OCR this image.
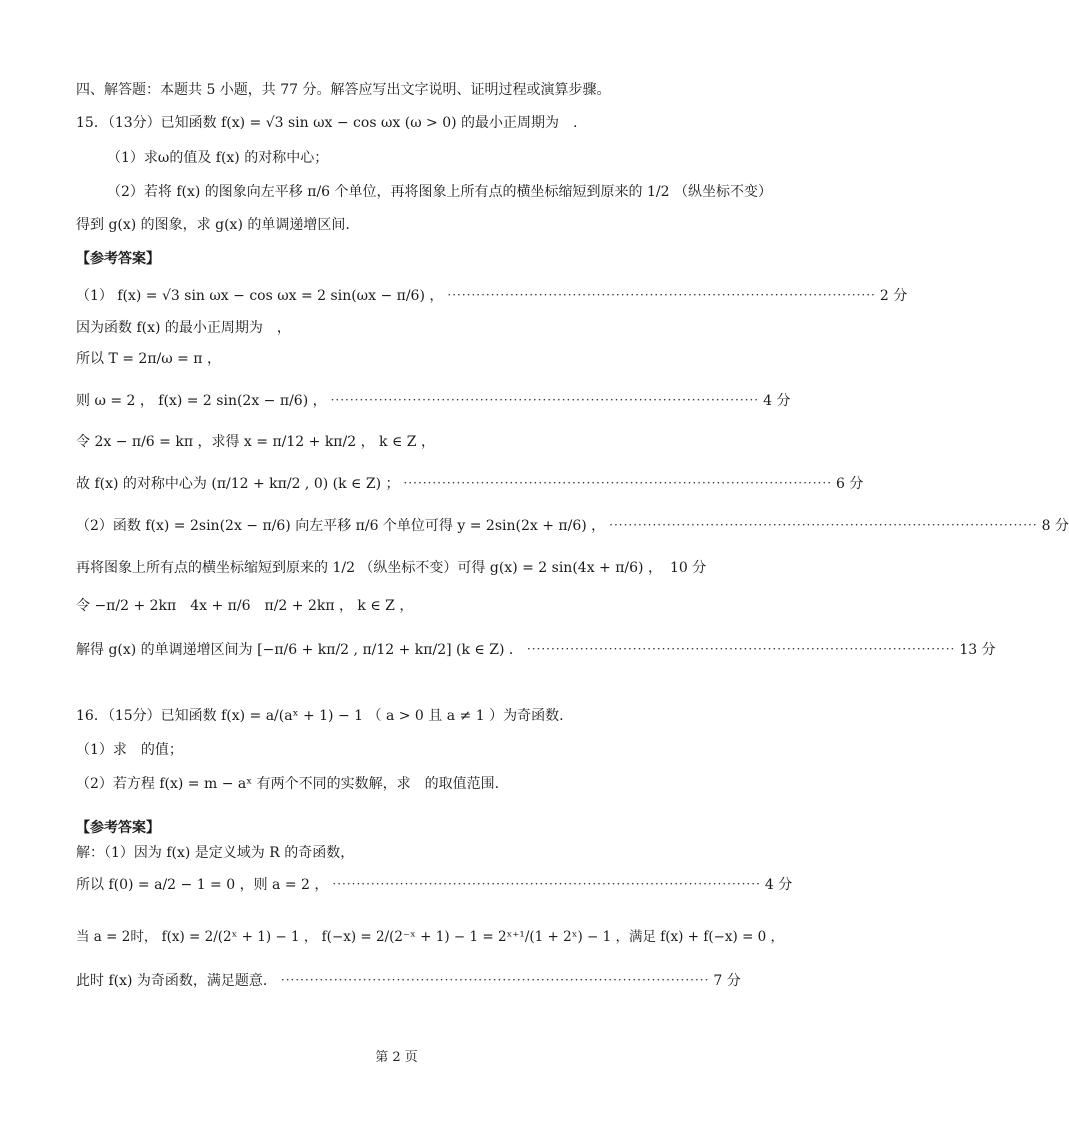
四、解答题：本题共 5 小题，共 77 分。解答应写出文字说明、证明过程或演算步骤。
15．（13分）已知函数 f(x) = √3 sin ωx − cos ωx (ω > 0) 的最小正周期为　.
（1）求ω的值及 f(x) 的对称中心；
（2）若将 f(x) 的图象向左平移 π/6 个单位，再将图象上所有点的横坐标缩短到原来的 1/2 （纵坐标不变）
得到 g(x) 的图象，求 g(x) 的单调递增区间.
【参考答案】
（1） f(x) = √3 sin ωx − cos ωx = 2 sin(ωx − π/6) ， ························································································· 2 分
因为函数 f(x) 的最小正周期为　，
所以 T = 2π/ω = π ，
则 ω = 2 ， f(x) = 2 sin(2x − π/6) ， ························································································· 4 分
令 2x − π/6 = kπ ，求得 x = π/12 + kπ/2 ， k ∈ Z ，
故 f(x) 的对称中心为 (π/12 + kπ/2 , 0) (k ∈ Z) ； ························································································· 6 分
（2）函数 f(x) = 2sin(2x − π/6) 向左平移 π/6 个单位可得 y = 2sin(2x + π/6) ， ························································································· 8 分
再将图象上所有点的横坐标缩短到原来的 1/2 （纵坐标不变）可得 g(x) = 2 sin(4x + π/6) ， 10 分
令 −π/2 + 2kπ　4x + π/6　π/2 + 2kπ ， k ∈ Z ，
解得 g(x) 的单调递增区间为 [−π/6 + kπ/2 , π/12 + kπ/2] (k ∈ Z) ． ························································································· 13 分
16．（15分）已知函数 f(x) = a/(aˣ + 1) − 1 （ a > 0 且 a ≠ 1 ）为奇函数.
（1）求　的值；
（2）若方程 f(x) = m − aˣ 有两个不同的实数解，求　的取值范围.
【参考答案】
解：（1）因为 f(x) 是定义域为 R 的奇函数，
所以 f(0) = a/2 − 1 = 0 ，则 a = 2 ， ························································································· 4 分
当 a = 2时， f(x) = 2/(2ˣ + 1) − 1 ， f(−x) = 2/(2⁻ˣ + 1) − 1 = 2ˣ⁺¹/(1 + 2ˣ) − 1 ，满足 f(x) + f(−x) = 0 ，
此时 f(x) 为奇函数，满足题意． ························································································· 7 分
第 2 页
